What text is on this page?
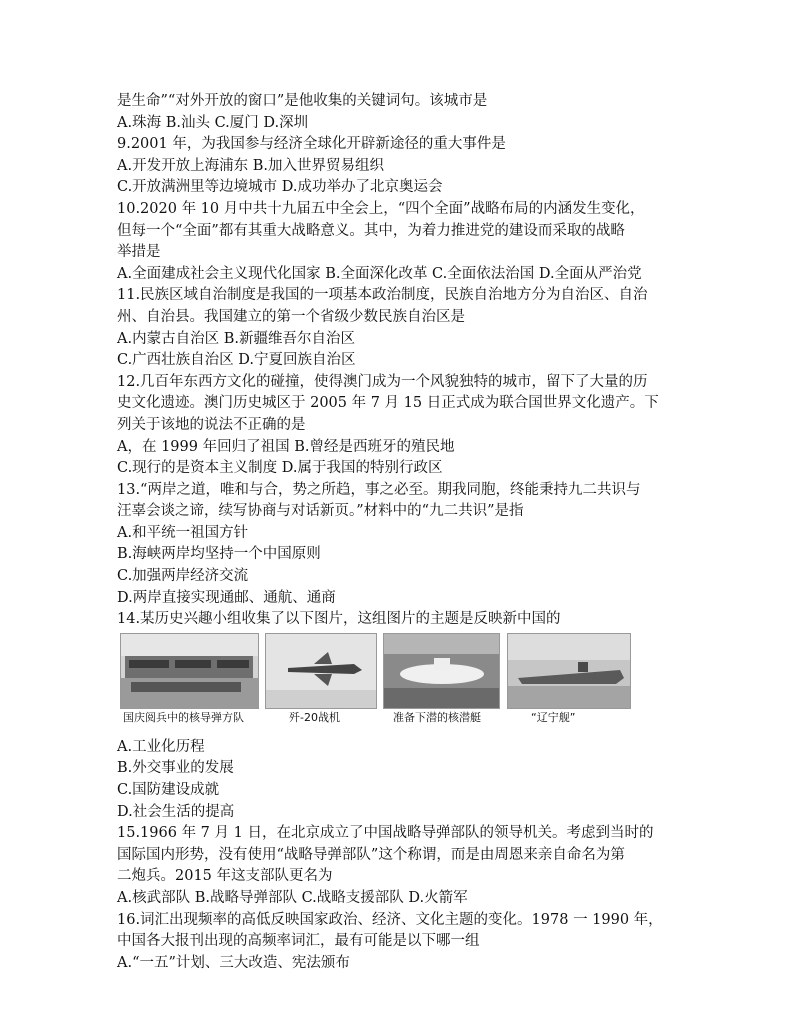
是生命”“对外开放的窗口”是他收集的关键词句。该城市是
A.珠海 B.汕头 C.厦门 D.深圳
9.2001 年，为我国参与经济全球化开辟新途径的重大事件是
A.开发开放上海浦东 B.加入世界贸易组织
C.开放满洲里等边境城市 D.成功举办了北京奥运会
10.2020 年 10 月中共十九届五中全会上，“四个全面”战略布局的内涵发生变化，
但每一个“全面”都有其重大战略意义。其中，为着力推进党的建设而采取的战略
举措是
A.全面建成社会主义现代化国家 B.全面深化改革 C.全面依法治国 D.全面从严治党
11.民族区域自治制度是我国的一项基本政治制度，民族自治地方分为自治区、自治
州、自治县。我国建立的第一个省级少数民族自治区是
A.内蒙古自治区 B.新疆维吾尔自治区
C.广西壮族自治区 D.宁夏回族自治区
12.几百年东西方文化的碰撞，使得澳门成为一个风貌独特的城市，留下了大量的历
史文化遗迹。澳门历史城区于 2005 年 7 月 15 日正式成为联合国世界文化遗产。下
列关于该地的说法不正确的是
A，在 1999 年回归了祖国 B.曾经是西班牙的殖民地
C.现行的是资本主义制度 D.属于我国的特别行政区
13.“两岸之道，唯和与合，势之所趋，事之必至。期我同胞，终能秉持九二共识与
汪辜会谈之谛，续写协商与对话新页。”材料中的“九二共识”是指
A.和平统一祖国方针
B.海峡两岸均坚持一个中国原则
C.加强两岸经济交流
D.两岸直接实现通邮、通航、通商
14.某历史兴趣小组收集了以下图片，这组图片的主题是反映新中国的
国庆阅兵中的核导弹方队	歼-20战机	准备下潜的核潜艇	“辽宁舰”
A.工业化历程
B.外交事业的发展
C.国防建设成就
D.社会生活的提高
15.1966 年 7 月 1 日，在北京成立了中国战略导弹部队的领导机关。考虑到当时的
国际国内形势，没有使用“战略导弹部队”这个称谓，而是由周恩来亲自命名为第
二炮兵。2015 年这支部队更名为
A.核武部队 B.战略导弹部队 C.战略支援部队 D.火箭军
16.词汇出现频率的高低反映国家政治、经济、文化主题的变化。1978 一 1990 年，
中国各大报刊出现的高频率词汇，最有可能是以下哪一组
A.“一五”计划、三大改造、宪法颁布
